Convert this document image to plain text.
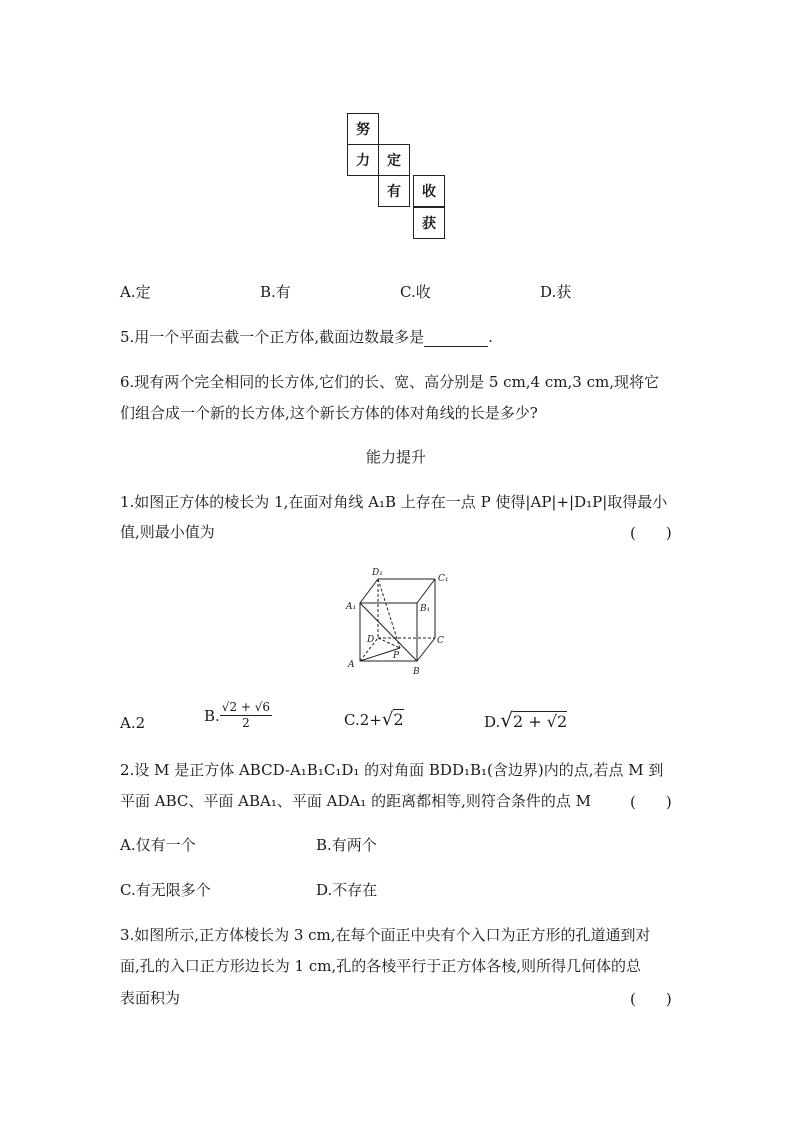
努
力	定
有	收
获
A.定	B.有	C.收	D.获
5.用一个平面去截一个正方体,截面边数最多是	.
6.现有两个完全相同的长方体,它们的长、宽、高分别是 5 cm,4 cm,3 cm,现将它
们组合成一个新的长方体,这个新长方体的体对角线的长是多少?
能力提升
1.如图正方体的棱长为 1,在面对角线 A₁B 上存在一点 P 使得|AP|+|D₁P|取得最小
值,则最小值为	(　　)
D₁
C₁
A₁	B₁
D	C
A
B
P
A.2	B. $\frac{√2 + √6}{2}$	C.2+√2	D.√2 + √2
2.设 M 是正方体 ABCD-A₁B₁C₁D₁ 的对角面 BDD₁B₁(含边界)内的点,若点 M 到
平面 ABC、平面 ABA₁、平面 ADA₁ 的距离都相等,则符合条件的点 M	(　　)
A.仅有一个	B.有两个
C.有无限多个	D.不存在
3.如图所示,正方体棱长为 3 cm,在每个面正中央有个入口为正方形的孔道通到对
面,孔的入口正方形边长为 1 cm,孔的各棱平行于正方体各棱,则所得几何体的总
表面积为	(　　)
